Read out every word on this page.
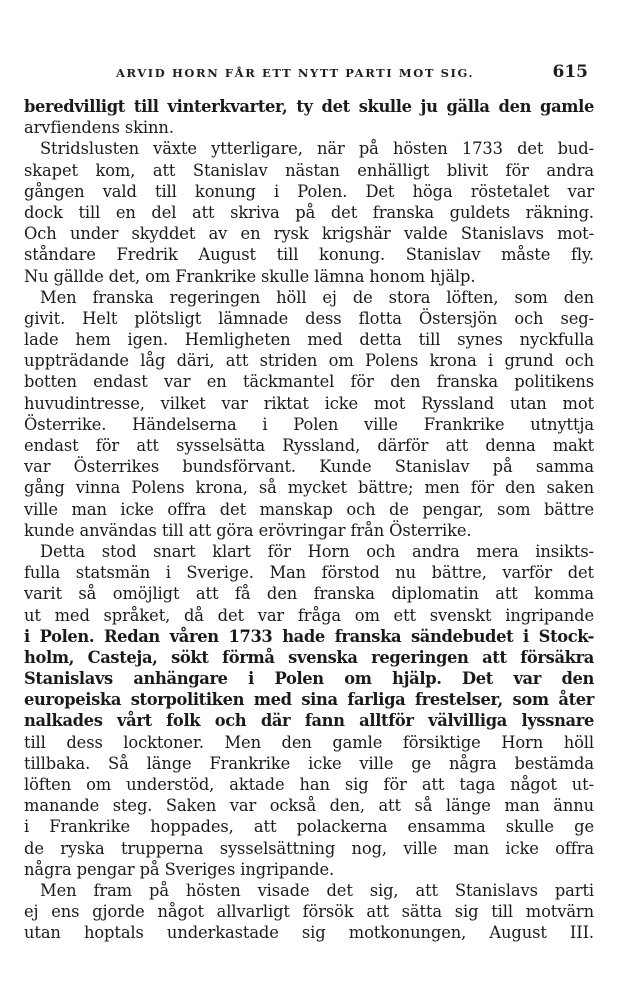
ARVID HORN FÅR ETT NYTT PARTI MOT SIG.	615
beredvilligt till vinterkvarter, ty det skulle ju gälla den gamle
arvfiendens skinn.
Stridslusten växte ytterligare, när på hösten 1733 det bud-
skapet kom, att Stanislav nästan enhälligt blivit för andra
gången vald till konung i Polen. Det höga röstetalet var
dock till en del att skriva på det franska guldets räkning.
Och under skyddet av en rysk krigshär valde Stanislavs mot-
ståndare Fredrik August till konung. Stanislav måste fly.
Nu gällde det, om Frankrike skulle lämna honom hjälp.
Men franska regeringen höll ej de stora löften, som den
givit. Helt plötsligt lämnade dess flotta Östersjön och seg-
lade hem igen. Hemligheten med detta till synes nyckfulla
uppträdande låg däri, att striden om Polens krona i grund och
botten endast var en täckmantel för den franska politikens
huvudintresse, vilket var riktat icke mot Ryssland utan mot
Österrike. Händelserna i Polen ville Frankrike utnyttja
endast för att sysselsätta Ryssland, därför att denna makt
var Österrikes bundsförvant. Kunde Stanislav på samma
gång vinna Polens krona, så mycket bättre; men för den saken
ville man icke offra det manskap och de pengar, som bättre
kunde användas till att göra erövringar från Österrike.
Detta stod snart klart för Horn och andra mera insikts-
fulla statsmän i Sverige. Man förstod nu bättre, varför det
varit så omöjligt att få den franska diplomatin att komma
ut med språket, då det var fråga om ett svenskt ingripande
i Polen. Redan våren 1733 hade franska sändebudet i Stock-
holm, Casteja, sökt förmå svenska regeringen att försäkra
Stanislavs anhängare i Polen om hjälp. Det var den
europeiska storpolitiken med sina farliga frestelser, som åter
nalkades vårt folk och där fann alltför välvilliga lyssnare
till dess locktoner. Men den gamle försiktige Horn höll
tillbaka. Så länge Frankrike icke ville ge några bestämda
löften om understöd, aktade han sig för att taga något ut-
manande steg. Saken var också den, att så länge man ännu
i Frankrike hoppades, att polackerna ensamma skulle ge
de ryska trupperna sysselsättning nog, ville man icke offra
några pengar på Sveriges ingripande.
Men fram på hösten visade det sig, att Stanislavs parti
ej ens gjorde något allvarligt försök att sätta sig till motvärn
utan hoptals underkastade sig motkonungen, August III.
